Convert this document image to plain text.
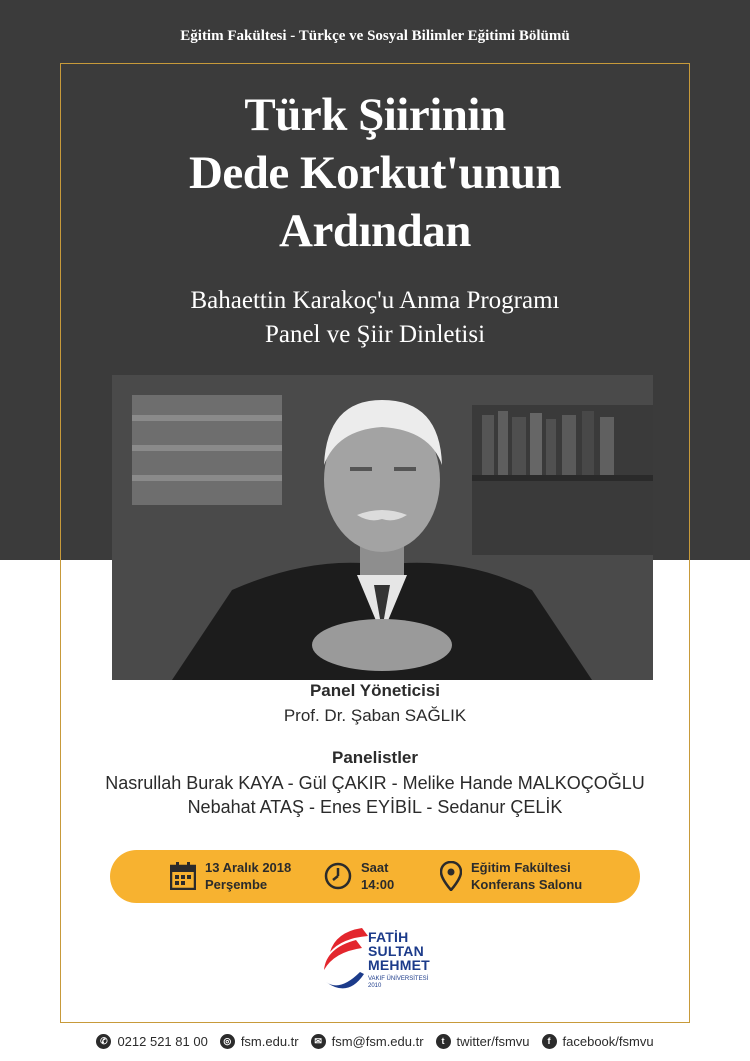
Eğitim Fakültesi - Türkçe ve Sosyal Bilimler Eğitimi Bölümü
Türk Şiirinin
Dede Korkut'unun
Ardından
Bahaettin Karakoç'u Anma Programı
Panel ve Şiir Dinletisi
Panel Yöneticisi
Prof. Dr. Şaban SAĞLIK
Panelistler
Nasrullah Burak KAYA - Gül ÇAKIR - Melike Hande MALKOÇOĞLU
Nebahat ATAŞ - Enes EYİBİL - Sedanur ÇELİK
13 Aralık 2018
Perşembe
Saat
14:00
Eğitim Fakültesi
Konferans Salonu
FATİH
SULTAN
MEHMET
VAKIF ÜNİVERSİTESİ
2010
✆ 0212 521 81 00	◎ fsm.edu.tr	✉ fsm@fsm.edu.tr	t twitter/fsmvu	f facebook/fsmvu
